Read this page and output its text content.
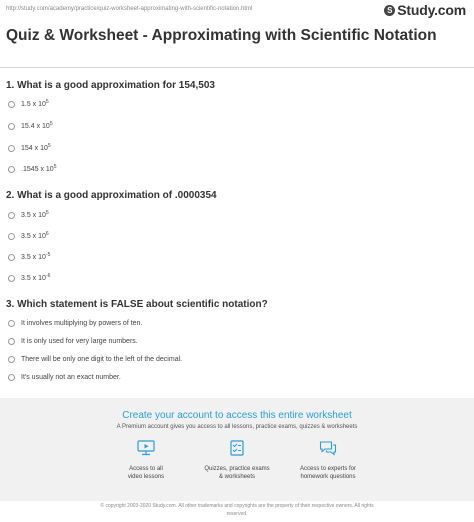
http://study.com/academy/practice/quiz-worksheet-approximating-with-scientific-notation.html	S Study.com
Quiz & Worksheet - Approximating with Scientific Notation

1. What is a good approximation for 154,503

1.5 x $10^5$
15.4 x $10^5$
154 x $10^5$
.1545 x $10^5$

2. What is a good approximation of .0000354

3.5 x $10^5$
3.5 x $10^6$
3.5 x $10^{-5}$
3.5 x $10^{-6}$

3. Which statement is FALSE about scientific notation?

It involves multiplying by powers of ten.
It is only used for very large numbers.
There will be only one digit to the left of the decimal.
It's usually not an exact number.
Create your account to access this entire worksheet
A Premium account gives you access to all lessons, practice exams, quizzes & worksheets
Access to all
video lessons
Quizzes, practice exams
& worksheets
Access to experts for
homework questions
© copyright 2003-2020 Study.com. All other trademarks and copyrights are the property of their respective owners. All rights
reserved.
